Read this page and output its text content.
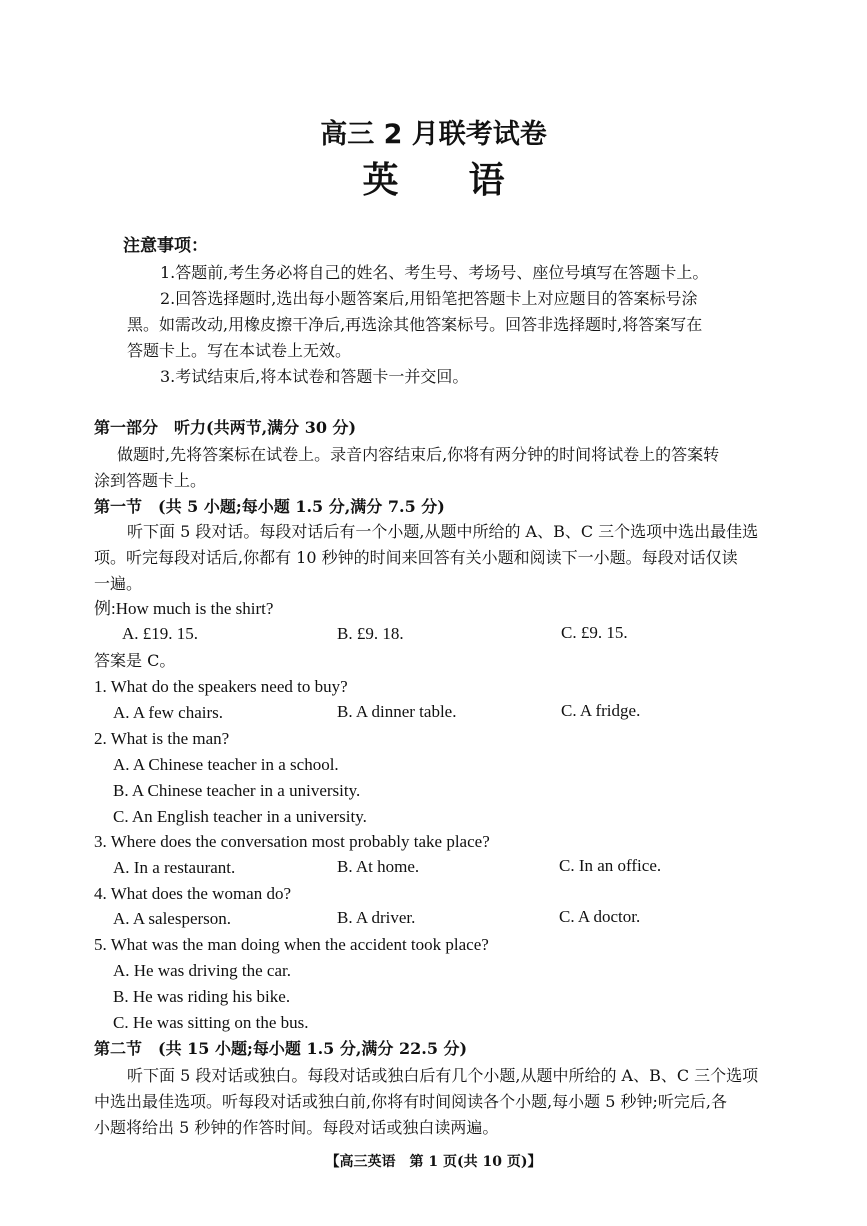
高三 2 月联考试卷
英语
注意事项：
1.答题前,考生务必将自己的姓名、考生号、考场号、座位号填写在答题卡上。
2.回答选择题时,选出每小题答案后,用铅笔把答题卡上对应题目的答案标号涂
黑。如需改动,用橡皮擦干净后,再选涂其他答案标号。回答非选择题时,将答案写在
答题卡上。写在本试卷上无效。
3.考试结束后,将本试卷和答题卡一并交回。
第一部分　听力(共两节,满分 30 分)
做题时,先将答案标在试卷上。录音内容结束后,你将有两分钟的时间将试卷上的答案转
涂到答题卡上。
第一节　(共 5 小题;每小题 1.5 分,满分 7.5 分)
听下面 5 段对话。每段对话后有一个小题,从题中所给的 A、B、C 三个选项中选出最佳选
项。听完每段对话后,你都有 10 秒钟的时间来回答有关小题和阅读下一小题。每段对话仅读
一遍。
例:How much is the shirt?
A. £19. 15.	B. £9. 18.	C. £9. 15.
答案是 C。
1. What do the speakers need to buy?
A. A few chairs.	B. A dinner table.	C. A fridge.
2. What is the man?
A. A Chinese teacher in a school.
B. A Chinese teacher in a university.
C. An English teacher in a university.
3. Where does the conversation most probably take place?
A. In a restaurant.	B. At home.	C. In an office.
4. What does the woman do?
A. A salesperson.	B. A driver.	C. A doctor.
5. What was the man doing when the accident took place?
A. He was driving the car.
B. He was riding his bike.
C. He was sitting on the bus.
第二节　(共 15 小题;每小题 1.5 分,满分 22.5 分)
听下面 5 段对话或独白。每段对话或独白后有几个小题,从题中所给的 A、B、C 三个选项
中选出最佳选项。听每段对话或独白前,你将有时间阅读各个小题,每小题 5 秒钟;听完后,各
小题将给出 5 秒钟的作答时间。每段对话或独白读两遍。
【高三英语　第 1 页(共 10 页)】
